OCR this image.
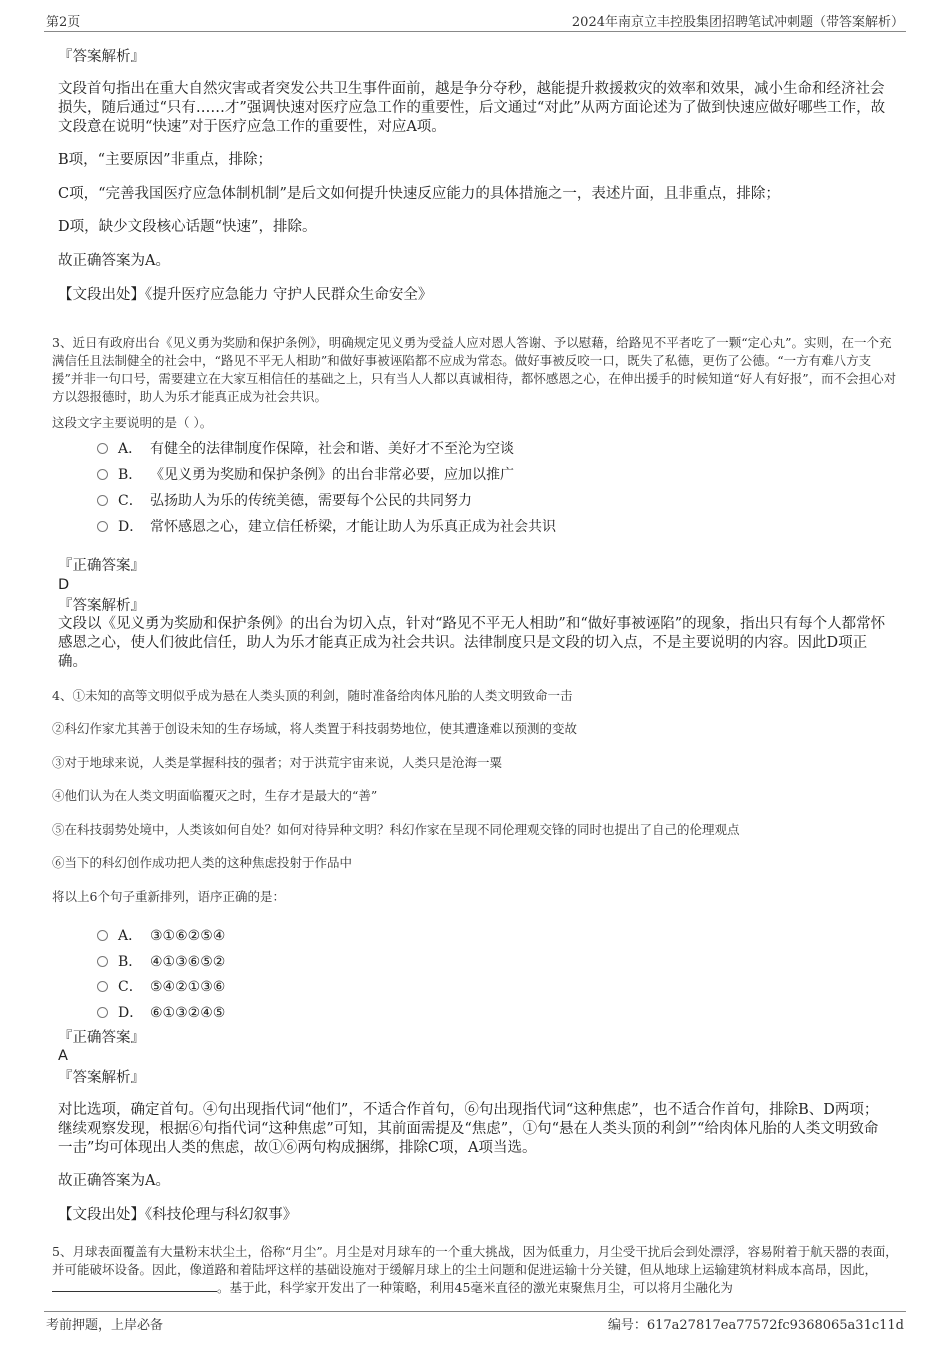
第2页	2024年南京立丰控股集团招聘笔试冲刺题（带答案解析）
『答案解析』
文段首句指出在重大自然灾害或者突发公共卫生事件面前，越是争分夺秒，越能提升救援救灾的效率和效果，减小生命和经济社会损失，随后通过“只有……才”强调快速对医疗应急工作的重要性，后文通过“对此”从两方面论述为了做到快速应做好哪些工作，故文段意在说明“快速”对于医疗应急工作的重要性，对应A项。
B项，“主要原因”非重点，排除；
C项，“完善我国医疗应急体制机制”是后文如何提升快速反应能力的具体措施之一，表述片面，且非重点，排除；
D项，缺少文段核心话题“快速”，排除。
故正确答案为A。
【文段出处】《提升医疗应急能力 守护人民群众生命安全》
3、近日有政府出台《见义勇为奖励和保护条例》，明确规定见义勇为受益人应对恩人答谢、予以慰藉，给路见不平者吃了一颗“定心丸”。实则，在一个充满信任且法制健全的社会中，“路见不平无人相助”和做好事被诬陷都不应成为常态。做好事被反咬一口，既失了私德，更伤了公德。“一方有难八方支援”并非一句口号，需要建立在大家互相信任的基础之上，只有当人人都以真诚相待，都怀感恩之心，在伸出援手的时候知道“好人有好报”，而不会担心对方以怨报德时，助人为乐才能真正成为社会共识。
这段文字主要说明的是（ ）。
A． 有健全的法律制度作保障，社会和谐、美好才不至沦为空谈
B． 《见义勇为奖励和保护条例》的出台非常必要，应加以推广
C． 弘扬助人为乐的传统美德，需要每个公民的共同努力
D． 常怀感恩之心，建立信任桥梁，才能让助人为乐真正成为社会共识
『正确答案』
D
『答案解析』
文段以《见义勇为奖励和保护条例》的出台为切入点，针对“路见不平无人相助”和“做好事被诬陷”的现象，指出只有每个人都常怀感恩之心，使人们彼此信任，助人为乐才能真正成为社会共识。法律制度只是文段的切入点，不是主要说明的内容。因此D项正确。
4、①未知的高等文明似乎成为悬在人类头顶的利剑，随时准备给肉体凡胎的人类文明致命一击
②科幻作家尤其善于创设未知的生存场域，将人类置于科技弱势地位，使其遭逢难以预测的变故
③对于地球来说，人类是掌握科技的强者；对于洪荒宇宙来说，人类只是沧海一粟
④他们认为在人类文明面临覆灭之时，生存才是最大的“善”
⑤在科技弱势处境中，人类该如何自处？如何对待异种文明？科幻作家在呈现不同伦理观交锋的同时也提出了自己的伦理观点
⑥当下的科幻创作成功把人类的这种焦虑投射于作品中
将以上6个句子重新排列，语序正确的是：
A． ③①⑥②⑤④
B． ④①③⑥⑤②
C． ⑤④②①③⑥
D． ⑥①③②④⑤
『正确答案』
A
『答案解析』
对比选项，确定首句。④句出现指代词“他们”，不适合作首句，⑥句出现指代词“这种焦虑”，也不适合作首句，排除B、D两项；继续观察发现，根据⑥句指代词“这种焦虑”可知，其前面需提及“焦虑”，①句“悬在人类头顶的利剑”“给肉体凡胎的人类文明致命一击”均可体现出人类的焦虑，故①⑥两句构成捆绑，排除C项，A项当选。
故正确答案为A。
【文段出处】《科技伦理与科幻叙事》
5、月球表面覆盖有大量粉末状尘土，俗称“月尘”。月尘是对月球车的一个重大挑战，因为低重力，月尘受干扰后会到处漂浮，容易附着于航天器的表面，并可能破坏设备。因此，像道路和着陆坪这样的基础设施对于缓解月球上的尘土问题和促进运输十分关键，但从地球上运输建筑材料成本高昂，因此，。基于此，科学家开发出了一种策略，利用45毫米直径的激光束聚焦月尘，可以将月尘融化为
考前押题，上岸必备	编号：617a27817ea77572fc9368065a31c11d
